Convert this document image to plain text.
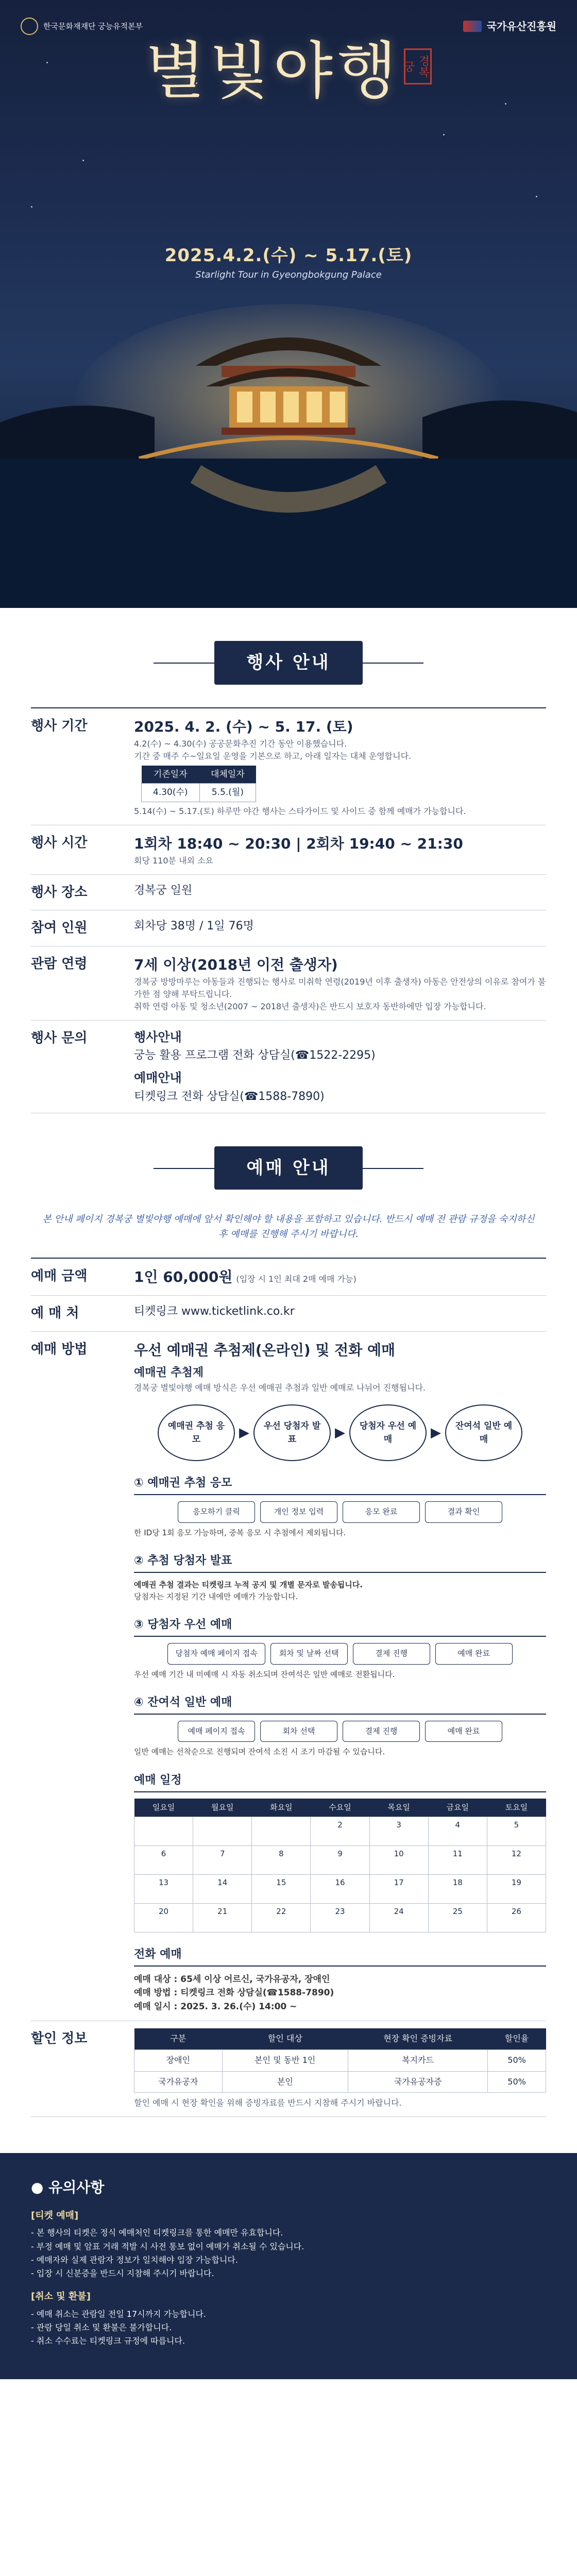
한국문화재재단 궁능유적본부	국가유산진흥원
별빛야행 경복궁
2025.4.2.(수) ~ 5.17.(토)
Starlight Tour in Gyeongbokgung Palace
행사 안내
행사 기간	2025. 4. 2. (수) ~ 5. 17. (토)
4.2(수) ~ 4.30(수) 공공문화추진 기간 동안 이용했습니다.
기간 중 매주 수~일요일 운영을 기본으로 하고, 아래 일자는 대체 운영합니다.
기존일자	대체일자
4.30(수)	5.5.(월)
5.14(수) ~ 5.17.(토) 하루만 야간 행사는 스타가이드 및 사이드 중 함께 예매가 가능합니다.
행사 시간	1회차 18:40 ~ 20:30 | 2회차 19:40 ~ 21:30
회당 110분 내외 소요
행사 장소	경복궁 일원
참여 인원	회차당 38명 / 1일 76명
관람 연령	7세 이상(2018년 이전 출생자)
경복궁 방방마루는 아동들과 진행되는 행사로 미취학 연령(2019년 이후 출생자) 아동은 안전상의 이유로 참여가 불가한 점 양해 부탁드립니다.
취학 연령 아동 및 청소년(2007 ~ 2018년 출생자)은 반드시 보호자 동반하에만 입장 가능합니다.
행사 문의	행사안내

궁능 활용 프로그램 전화 상담실(☎1522-2295)

예매안내

티켓링크 전화 상담실(☎1588-7890)

예매 안내

본 안내 페이지 경복궁 별빛야행 예매에 앞서 확인해야 할 내용을 포함하고 있습니다. 반드시 예매 전 관람 규정을 숙지하신 후 예매를 진행해 주시기 바랍니다.

예매 금액	1인 60,000원 (입장 시 1인 최대 2매 예매 가능)
예 매 처	티켓링크 www.ticketlink.co.kr
예매 방법	우선 예매권 추첨제(온라인) 및 전화 예매
예매권 추첨제
경복궁 별빛야행 예매 방식은 우선 예매권 추첨과 일반 예매로 나뉘어 진행됩니다.
예매권 추첨 응모	▶	우선 당첨자 발표	▶	당첨자 우선 예매	▶	잔여석 일반 예매
① 예매권 추첨 응모
응모하기 클릭	개인 정보 입력	응모 완료	결과 확인

한 ID당 1회 응모 가능하며, 중복 응모 시 추첨에서 제외됩니다.

② 추첨 당첨자 발표

예매권 추첨 결과는 티켓링크 누적 공지 및 개별 문자로 발송됩니다.

당첨자는 지정된 기간 내에만 예매가 가능합니다.

③ 당첨자 우선 예매
당첨자 예매 페이지 접속	회차 및 날짜 선택	결제 진행	예매 완료

우선 예매 기간 내 미예매 시 자동 취소되며 잔여석은 일반 예매로 전환됩니다.

④ 잔여석 일반 예매
예매 페이지 접속	회차 선택	결제 진행	예매 완료

일반 예매는 선착순으로 진행되며 잔여석 소진 시 조기 마감될 수 있습니다.

예매 일정
일요일	월요일	화요일	수요일	목요일	금요일	토요일
			2	3	4	5
6	7	8	9	10	11	12
13	14	15	16	17	18	19
20	21	22	23	24	25	26
전화 예매

예매 대상 : 65세 이상 어르신, 국가유공자, 장애인

예매 방법 : 티켓링크 전화 상담실(☎1588-7890)

예매 일시 : 2025. 3. 26.(수) 14:00 ~

할인 정보	구분	할인 대상	현장 확인 증빙자료	할인율
장애인	본인 및 동반 1인	복지카드	50%
국가유공자	본인	국가유공자증	50%
할인 예매 시 현장 확인을 위해 증빙자료를 반드시 지참해 주시기 바랍니다.
● 유의사항
[티켓 예매]
- 본 행사의 티켓은 정식 예매처인 티켓링크를 통한 예매만 유효합니다.
- 부정 예매 및 암표 거래 적발 시 사전 통보 없이 예매가 취소될 수 있습니다.
- 예매자와 실제 관람자 정보가 일치해야 입장 가능합니다.
- 입장 시 신분증을 반드시 지참해 주시기 바랍니다.
[취소 및 환불]
- 예매 취소는 관람일 전일 17시까지 가능합니다.
- 관람 당일 취소 및 환불은 불가합니다.
- 취소 수수료는 티켓링크 규정에 따릅니다.
